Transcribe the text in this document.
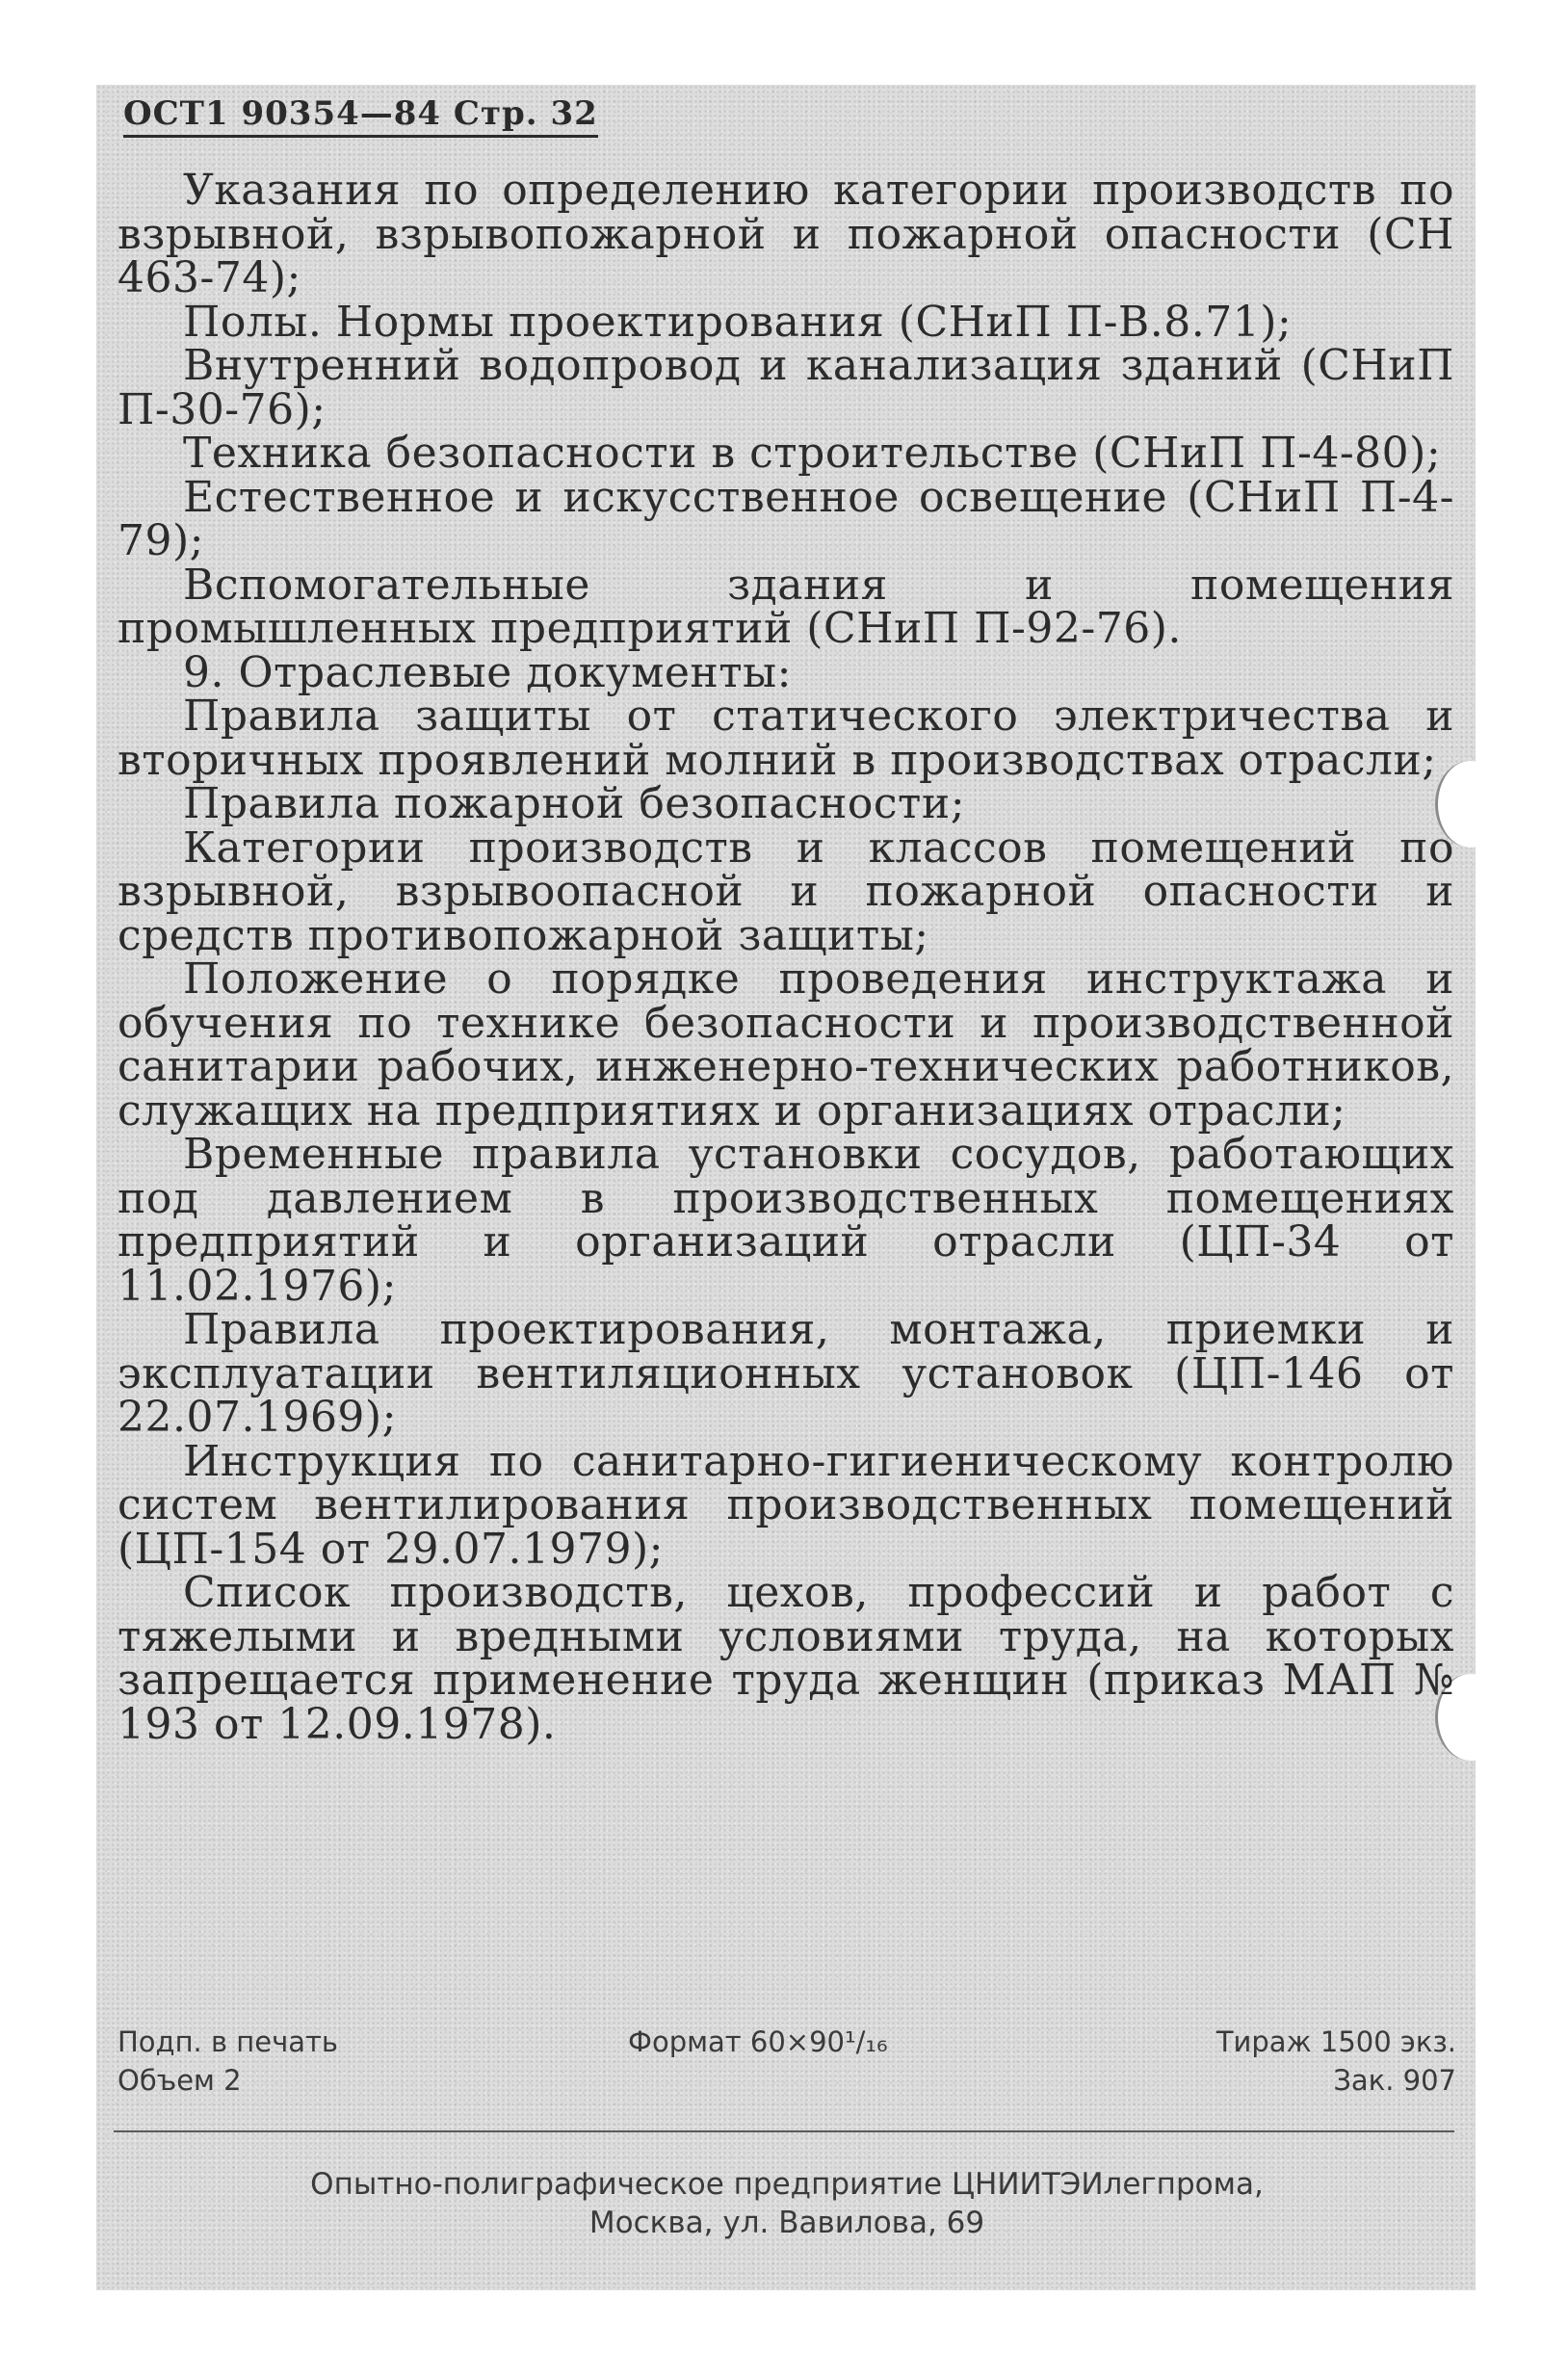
ОСТ1 90354—84 Стр. 32

Указания по определению категории производств по взрывной, взрывопожарной и пожарной опасности (СН 463-74);

Полы. Нормы проектирования (СНиП П-В.8.71);

Внутренний водопровод и канализация зданий (СНиП П-30-76);

Техника безопасности в строительстве (СНиП П-4-80);

Естественное и искусственное освещение (СНиП П-4-79);

Вспомогательные здания и помещения промышленных предприятий (СНиП П-92-76).

9. Отраслевые документы:

Правила защиты от статического электричества и вторичных проявлений молний в производствах отрасли;

Правила пожарной безопасности;

Категории производств и классов помещений по взрывной, взрывоопасной и пожарной опасности и средств противопожарной защиты;

Положение о порядке проведения инструктажа и обучения по технике безопасности и производственной санитарии рабочих, инженерно-технических работников, служащих на предприятиях и организациях отрасли;

Временные правила установки сосудов, работающих под давлением в производственных помещениях предприятий и организаций отрасли (ЦП-34 от 11.02.1976);

Правила проектирования, монтажа, приемки и эксплуатации вентиляционных установок (ЦП-146 от 22.07.1969);

Инструкция по санитарно-гигиеническому контролю систем вентилирования производственных помещений (ЦП-154 от 29.07.1979);

Список производств, цехов, профессий и работ с тяжелыми и вредными условиями труда, на которых запрещается применение труда женщин (приказ МАП № 193 от 12.09.1978).

Подп. в печать	Формат 60×90¹/₁₆	Тираж 1500 экз.
Объем 2	Зак. 907
Опытно-полиграфическое предприятие ЦНИИТЭИлегпрома,
Москва, ул. Вавилова, 69
